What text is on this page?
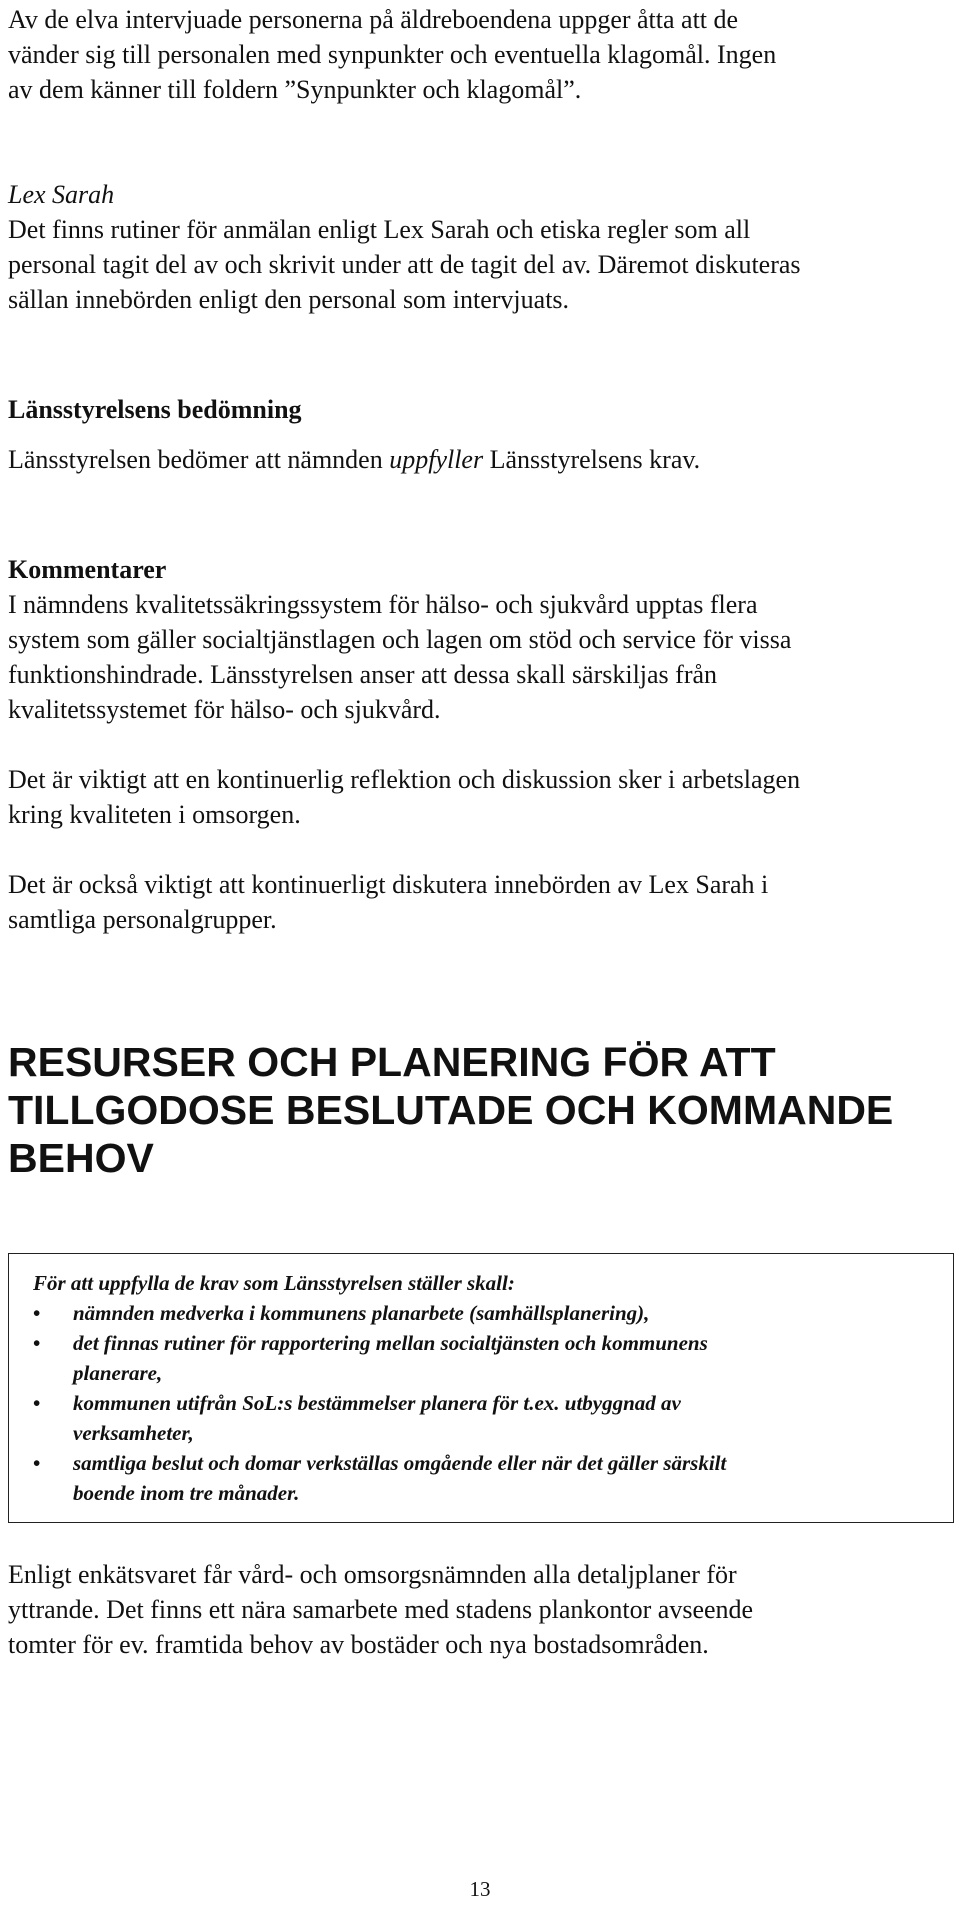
Av de elva intervjuade personerna på äldreboendena uppger åtta att de

vänder sig till personalen med synpunkter och eventuella klagomål. Ingen

av dem känner till foldern ”Synpunkter och klagomål”.

Lex Sarah

Det finns rutiner för anmälan enligt Lex Sarah och etiska regler som all

personal tagit del av och skrivit under att de tagit del av. Däremot diskuteras

sällan innebörden enligt den personal som intervjuats.

Länsstyrelsens bedömning

Länsstyrelsen bedömer att nämnden uppfyller Länsstyrelsens krav.

Kommentarer

I nämndens kvalitetssäkringssystem för hälso- och sjukvård upptas flera

system som gäller socialtjänstlagen och lagen om stöd och service för vissa

funktionshindrade. Länsstyrelsen anser att dessa skall särskiljas från

kvalitetssystemet för hälso- och sjukvård.

Det är viktigt att en kontinuerlig reflektion och diskussion sker i arbetslagen

kring kvaliteten i omsorgen.

Det är också viktigt att kontinuerligt diskutera innebörden av Lex Sarah i

samtliga personalgrupper.

RESURSER OCH PLANERING FÖR ATT
TILLGODOSE BESLUTADE OCH KOMMANDE
BEHOV

För att uppfylla de krav som Länsstyrelsen ställer skall:

• nämnden medverka i kommunens planarbete (samhällsplanering),
• det finnas rutiner för rapportering mellan socialtjänsten och kommunens
planerare,
• kommunen utifrån SoL:s bestämmelser planera för t.ex. utbyggnad av
verksamheter,
• samtliga beslut och domar verkställas omgående eller när det gäller särskilt
boende inom tre månader.

Enligt enkätsvaret får vård- och omsorgsnämnden alla detaljplaner för

yttrande. Det finns ett nära samarbete med stadens plankontor avseende

tomter för ev. framtida behov av bostäder och nya bostadsområden.

13
